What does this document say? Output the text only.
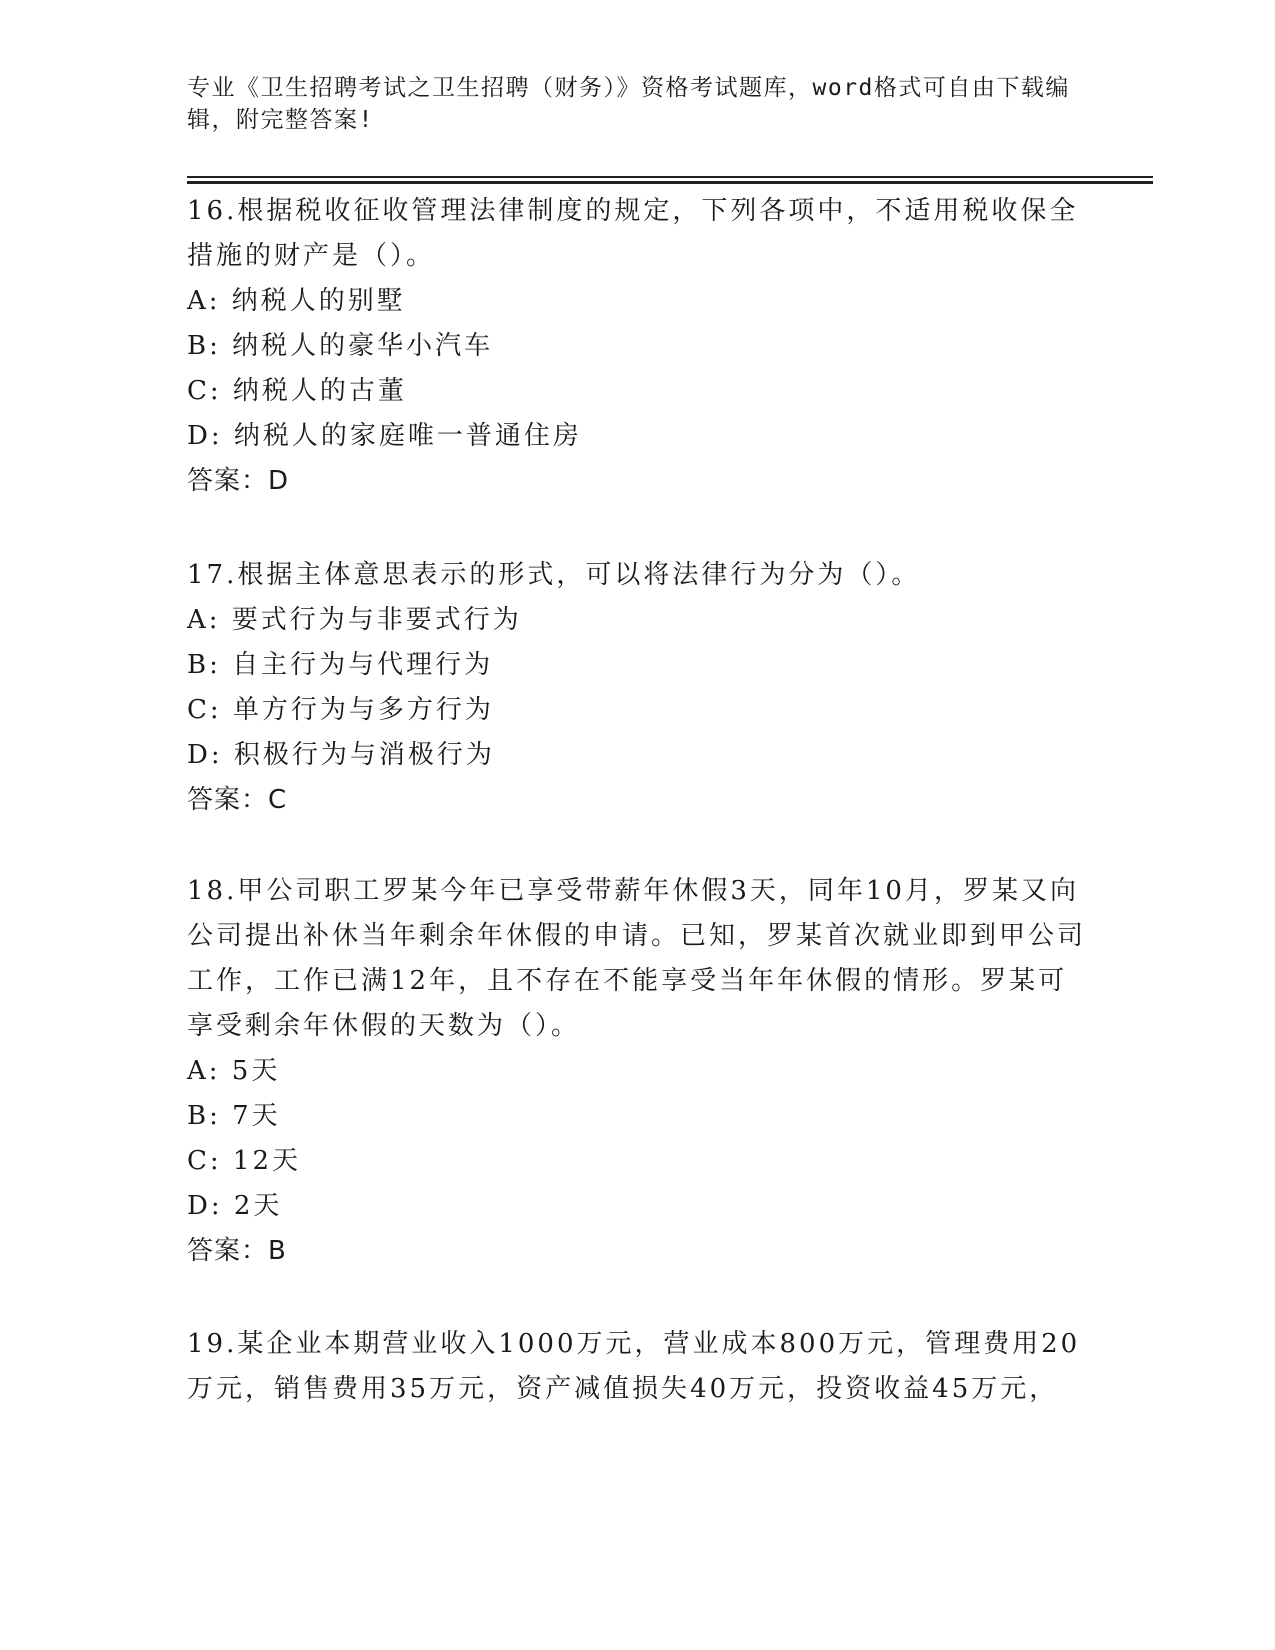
专业《卫生招聘考试之卫生招聘（财务）》资格考试题库，word格式可自由下载编辑，附完整答案!

16.根据税收征收管理法律制度的规定，下列各项中，不适用税收保全措施的财产是（）。

A: 纳税人的别墅

B: 纳税人的豪华小汽车

C: 纳税人的古董

D: 纳税人的家庭唯一普通住房

答案：D

17.根据主体意思表示的形式，可以将法律行为分为（）。

A: 要式行为与非要式行为

B: 自主行为与代理行为

C: 单方行为与多方行为

D: 积极行为与消极行为

答案：C

18.甲公司职工罗某今年已享受带薪年休假3天，同年10月，罗某又向公司提出补休当年剩余年休假的申请。已知，罗某首次就业即到甲公司工作，工作已满12年，且不存在不能享受当年年休假的情形。罗某可享受剩余年休假的天数为（）。

A: 5天

B: 7天

C: 12天

D: 2天

答案：B

19.某企业本期营业收入1000万元，营业成本800万元，管理费用20万元，销售费用35万元，资产减值损失40万元，投资收益45万元，
